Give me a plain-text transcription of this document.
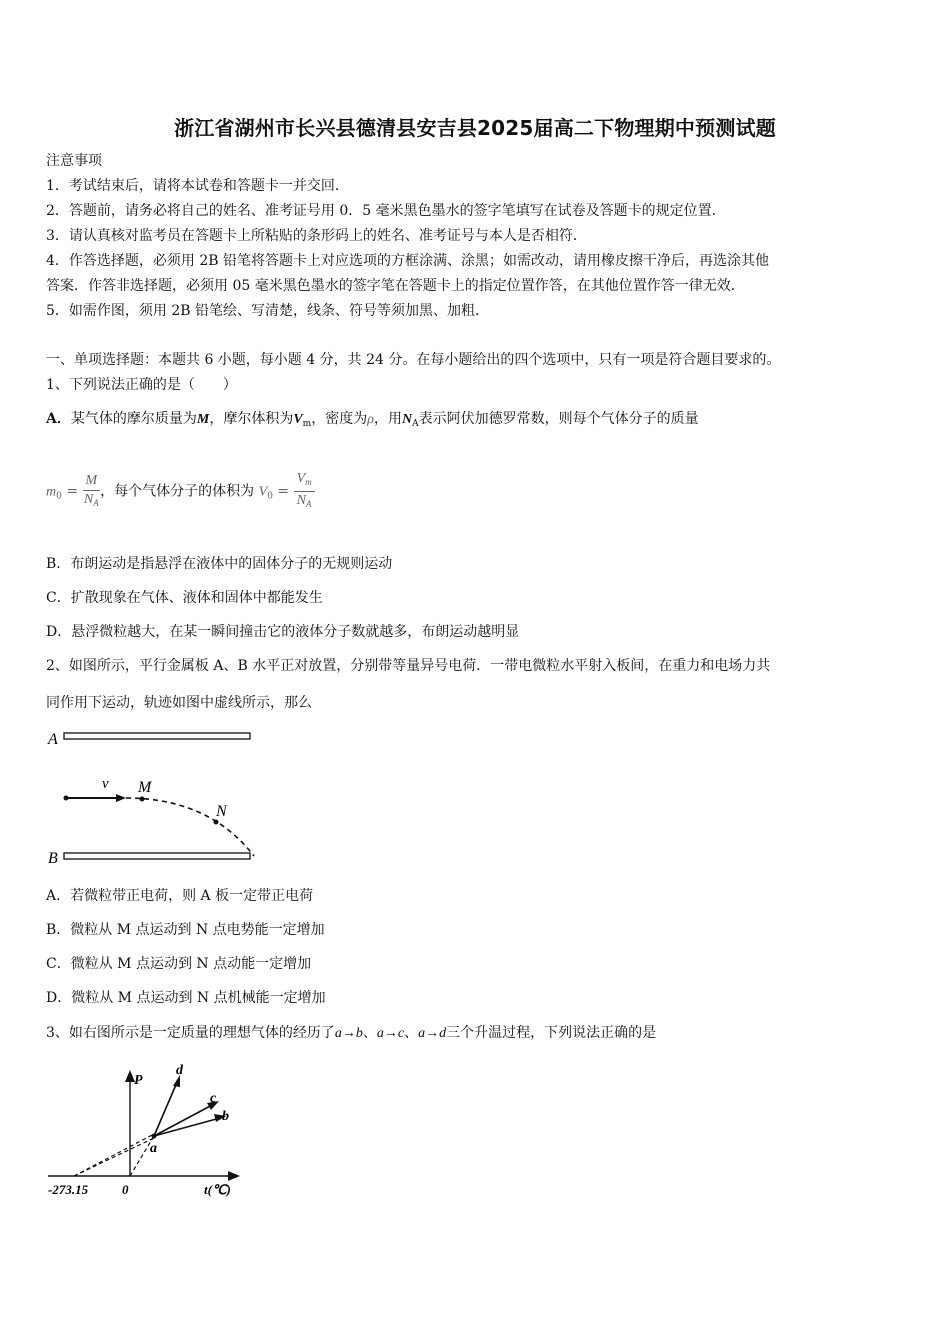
浙江省湖州市长兴县德清县安吉县2025届高二下物理期中预测试题
注意事项
1．考试结束后，请将本试卷和答题卡一并交回．
2．答题前，请务必将自己的姓名、准考证号用 0．5 毫米黑色墨水的签字笔填写在试卷及答题卡的规定位置．
3．请认真核对监考员在答题卡上所粘贴的条形码上的姓名、准考证号与本人是否相符．
4．作答选择题，必须用 2B 铅笔将答题卡上对应选项的方框涂满、涂黑；如需改动，请用橡皮擦干净后，再选涂其他
答案．作答非选择题，必须用 05 毫米黑色墨水的签字笔在答题卡上的指定位置作答，在其他位置作答一律无效．
5．如需作图，须用 2B 铅笔绘、写清楚，线条、符号等须加黑、加粗．
一、单项选择题：本题共 6 小题，每小题 4 分，共 24 分。在每小题给出的四个选项中，只有一项是符合题目要求的。
1、下列说法正确的是（　　）
A．某气体的摩尔质量为M，摩尔体积为$V_m$，密度为ρ，用$N_A$表示阿伏加德罗常数，则每个气体分子的质量
$m_0 = \frac{M}{N_A}$ ，每个气体分子的体积为 $V_0 = \frac{V_m}{N_A}$
B．布朗运动是指悬浮在液体中的固体分子的无规则运动
C．扩散现象在气体、液体和固体中都能发生
D．悬浮微粒越大，在某一瞬间撞击它的液体分子数就越多，布朗运动越明显
2、如图所示，平行金属板 A、B 水平正对放置，分别带等量异号电荷．一带电微粒水平射入板间，在重力和电场力共
同作用下运动，轨迹如图中虚线所示，那么
A
v M
N
B
A．若微粒带正电荷，则 A 板一定带正电荷
B．微粒从 M 点运动到 N 点电势能一定增加
C．微粒从 M 点运动到 N 点动能一定增加
D．微粒从 M 点运动到 N 点机械能一定增加
3、如右图所示是一定质量的理想气体的经历了a→b、a→c、a→d三个升温过程，下列说法正确的是
P
d
c
b
a
-273.15	0	t(℃)
